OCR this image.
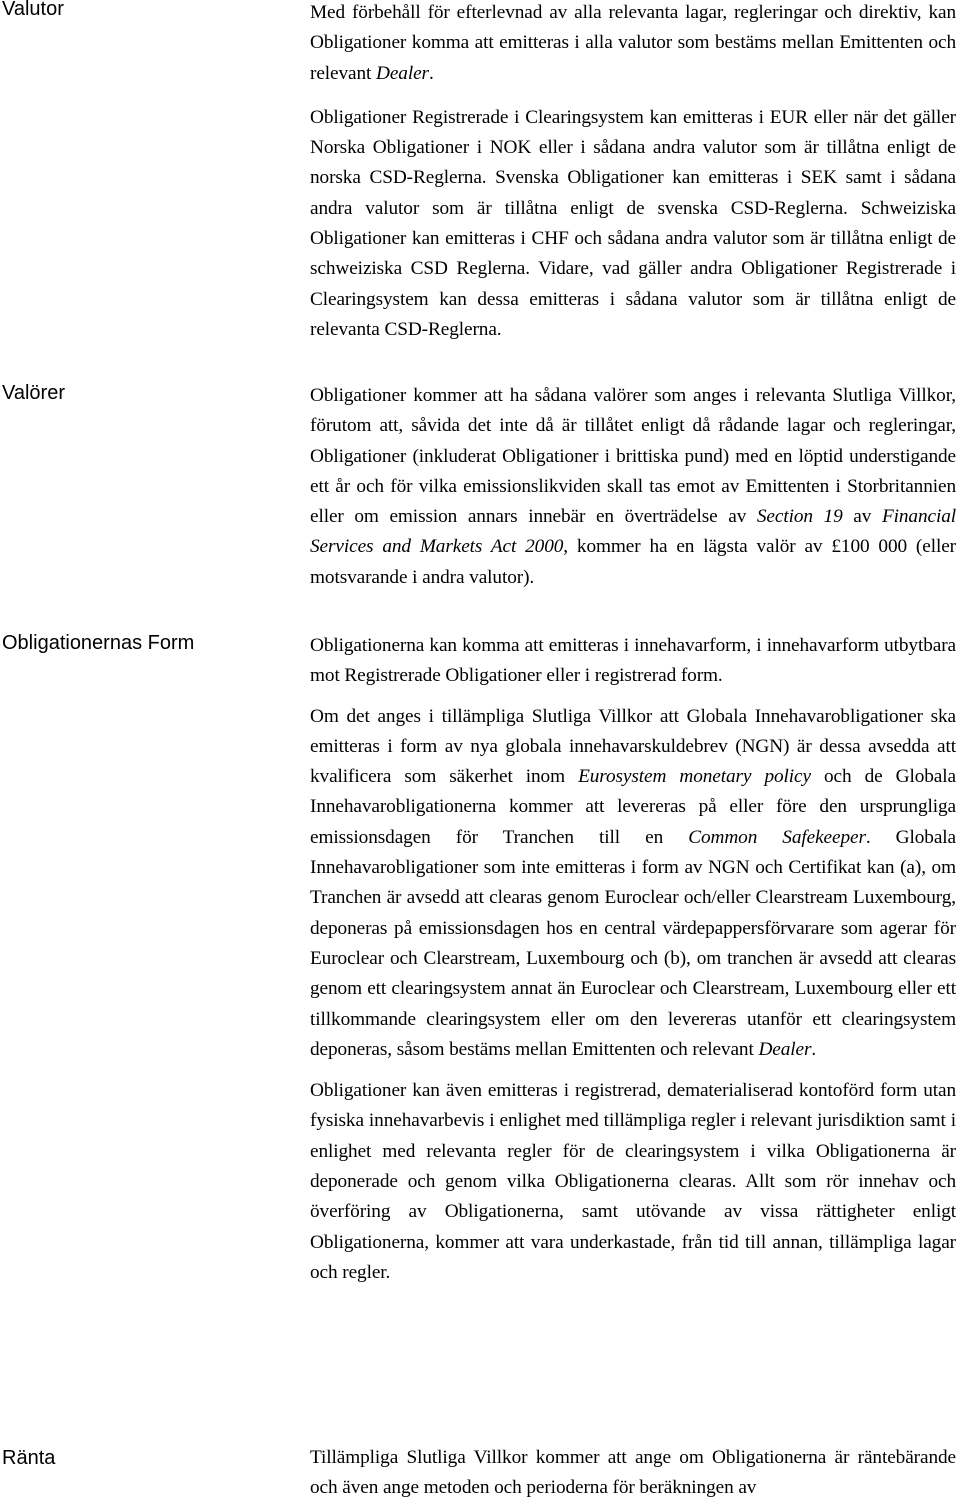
Valutor	Med förbehåll för efterlevnad av alla relevanta lagar, regleringar och direktiv, kan Obligationer komma att emitteras i alla valutor som bestäms mellan Emittenten och relevant Dealer.

Obligationer Registrerade i Clearingsystem kan emitteras i EUR eller när det gäller Norska Obligationer i NOK eller i sådana andra valutor som är tillåtna enligt de norska CSD-Reglerna. Svenska Obligationer kan emitteras i SEK samt i sådana andra valutor som är tillåtna enligt de svenska CSD-Reglerna. Schweiziska Obligationer kan emitteras i CHF och sådana andra valutor som är tillåtna enligt de schweiziska CSD Reglerna. Vidare, vad gäller andra Obligationer Registrerade i Clearingsystem kan dessa emitteras i sådana valutor som är tillåtna enligt de relevanta CSD-Reglerna.

Valörer	Obligationer kommer att ha sådana valörer som anges i relevanta Slutliga Villkor, förutom att, såvida det inte då är tillåtet enligt då rådande lagar och regleringar, Obligationer (inkluderat Obligationer i brittiska pund) med en löptid understigande ett år och för vilka emissionslikviden skall tas emot av Emittenten i Storbritannien eller om emission annars innebär en överträdelse av Section 19 av Financial Services and Markets Act 2000, kommer ha en lägsta valör av £100 000 (eller motsvarande i andra valutor).

Obligationernas Form	Obligationerna kan komma att emitteras i innehavarform, i innehavarform utbytbara mot Registrerade Obligationer eller i registrerad form.

Om det anges i tillämpliga Slutliga Villkor att Globala Innehavarobligationer ska emitteras i form av nya globala innehavarskuldebrev (NGN) är dessa avsedda att kvalificera som säkerhet inom Eurosystem monetary policy och de Globala Innehavarobligationerna kommer att levereras på eller före den ursprungliga emissionsdagen för Tranchen till en Common Safekeeper. Globala Innehavarobligationer som inte emitteras i form av NGN och Certifikat kan (a), om Tranchen är avsedd att clearas genom Euroclear och/eller Clearstream Luxembourg, deponeras på emissionsdagen hos en central värdepappersförvarare som agerar för Euroclear och Clearstream, Luxembourg och (b), om tranchen är avsedd att clearas genom ett clearingsystem annat än Euroclear och Clearstream, Luxembourg eller ett tillkommande clearingsystem eller om den levereras utanför ett clearingsystem deponeras, såsom bestäms mellan Emittenten och relevant Dealer.

Obligationer kan även emitteras i registrerad, dematerialiserad kontoförd form utan fysiska innehavarbevis i enlighet med tillämpliga regler i relevant jurisdiktion samt i enlighet med relevanta regler för de clearingsystem i vilka Obligationerna är deponerade och genom vilka Obligationerna clearas. Allt som rör innehav och överföring av Obligationerna, samt utövande av vissa rättigheter enligt Obligationerna, kommer att vara underkastade, från tid till annan, tillämpliga lagar och regler.

Ränta	Tillämpliga Slutliga Villkor kommer att ange om Obligationerna är räntebärande och även ange metoden och perioderna för beräkningen av
